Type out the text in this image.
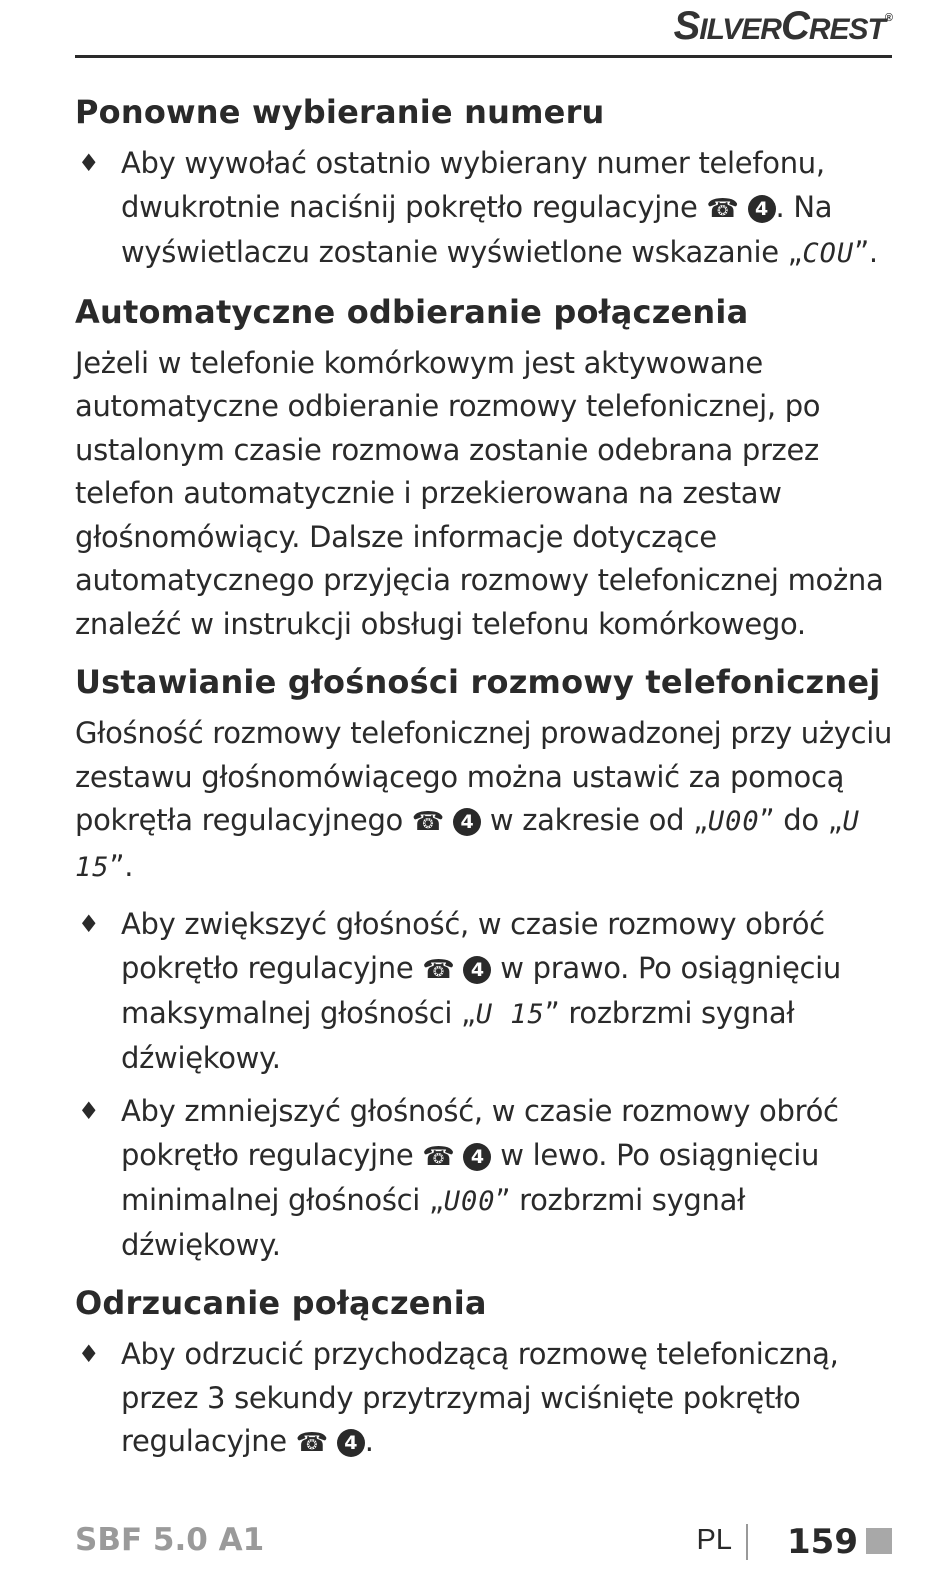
SILVERCREST®
Ponowne wybieranie numeru
♦ Aby wywołać ostatnio wybierany numer telefonu, dwukrotnie naciśnij pokrętło regulacyjne ☎ 4 . Na wyświetlaczu zostanie wyświetlone wskazanie „COU”.
Automatyczne odbieranie połączenia

Jeżeli w telefonie komórkowym jest aktywowane automatyczne odbieranie rozmowy telefonicznej, po ustalonym czasie rozmowa zostanie odebrana przez telefon automatycznie i przekierowana na zestaw głośnomówiący. Dalsze informacje dotyczące automatycznego przyjęcia rozmowy telefonicznej można znaleźć w instrukcji obsługi telefonu komórkowego.

Ustawianie głośności rozmowy telefonicznej

Głośność rozmowy telefonicznej prowadzonej przy użyciu zestawu głośnomówiącego można ustawić za pomocą pokrętła regulacyjnego ☎ 4 w zakresie od „U00” do „U 15”.

♦ Aby zwiększyć głośność, w czasie rozmowy obróć pokrętło regulacyjne ☎ 4 w prawo. Po osiągnięciu maksymalnej głośności „U 15” rozbrzmi sygnał dźwiękowy.
♦ Aby zmniejszyć głośność, w czasie rozmowy obróć pokrętło regulacyjne ☎ 4 w lewo. Po osiągnięciu minimalnej głośności „U00” rozbrzmi sygnał dźwiękowy.
Odrzucanie połączenia
♦ Aby odrzucić przychodzącą rozmowę telefoniczną, przez 3 sekundy przytrzymaj wciśnięte pokrętło regulacyjne ☎ 4 .
SBF 5.0 A1	PL 159
